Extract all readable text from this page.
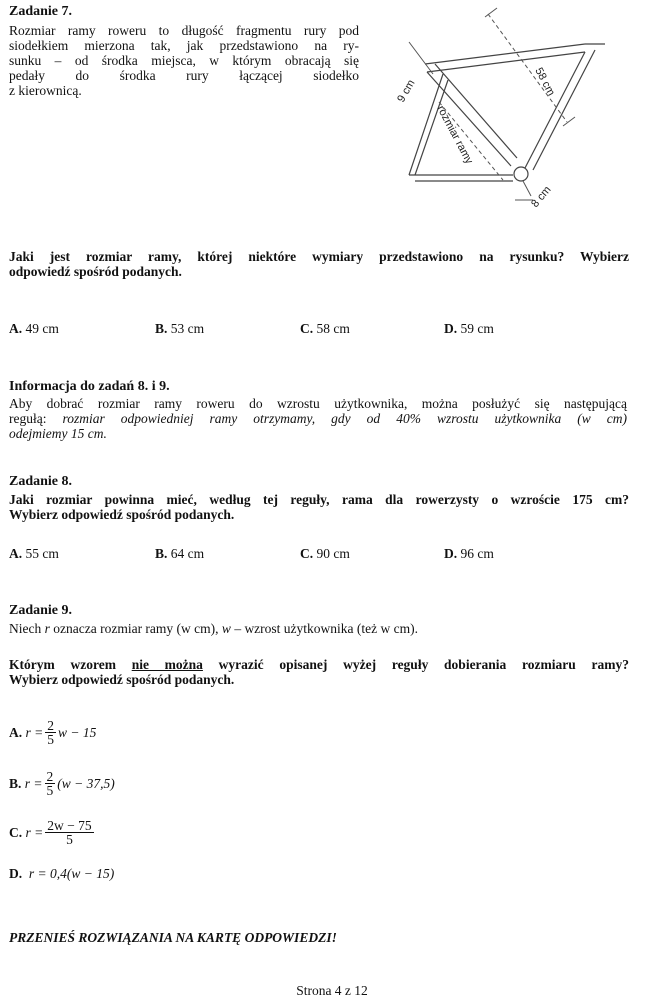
Zadanie 7.
Rozmiar ramy roweru to długość fragmentu rury pod
siodełkiem mierzona tak, jak przedstawiono na ry-
sunku – od środka miejsca, w którym obracają się
pedały do środka rury łączącej siodełko
z kierownicą.	9 cm	58 cm
rozmiar ramy
8 cm
Jaki jest rozmiar ramy, której niektóre wymiary przedstawiono na rysunku? Wybierz
odpowiedź spośród podanych.
A. 49 cm	B. 53 cm	C. 58 cm	D. 59 cm
Informacja do zadań 8. i 9.
Aby dobrać rozmiar ramy roweru do wzrostu użytkownika, można posłużyć się następującą
regułą: rozmiar odpowiedniej ramy otrzymamy, gdy od 40% wzrostu użytkownika (w cm)
odejmiemy 15 cm.
Zadanie 8.
Jaki rozmiar powinna mieć, według tej reguły, rama dla rowerzysty o wzroście 175 cm?
Wybierz odpowiedź spośród podanych.
A. 55 cm	B. 64 cm	C. 90 cm	D. 96 cm
Zadanie 9.
Niech r oznacza rozmiar ramy (w cm), w – wzrost użytkownika (też w cm).
Którym wzorem nie można wyrazić opisanej wyżej reguły dobierania rozmiaru ramy?
Wybierz odpowiedź spośród podanych.
A.
$r = \frac{2}{5}$ w − 15
B.
$r = \frac{2}{5} (w - 37,5)$
C.
$r = \frac{2w - 75}{5}$
D. r = 0,4(w − 15)
PRZENIEŚ ROZWIĄZANIA NA KARTĘ ODPOWIEDZI!
Strona 4 z 12
